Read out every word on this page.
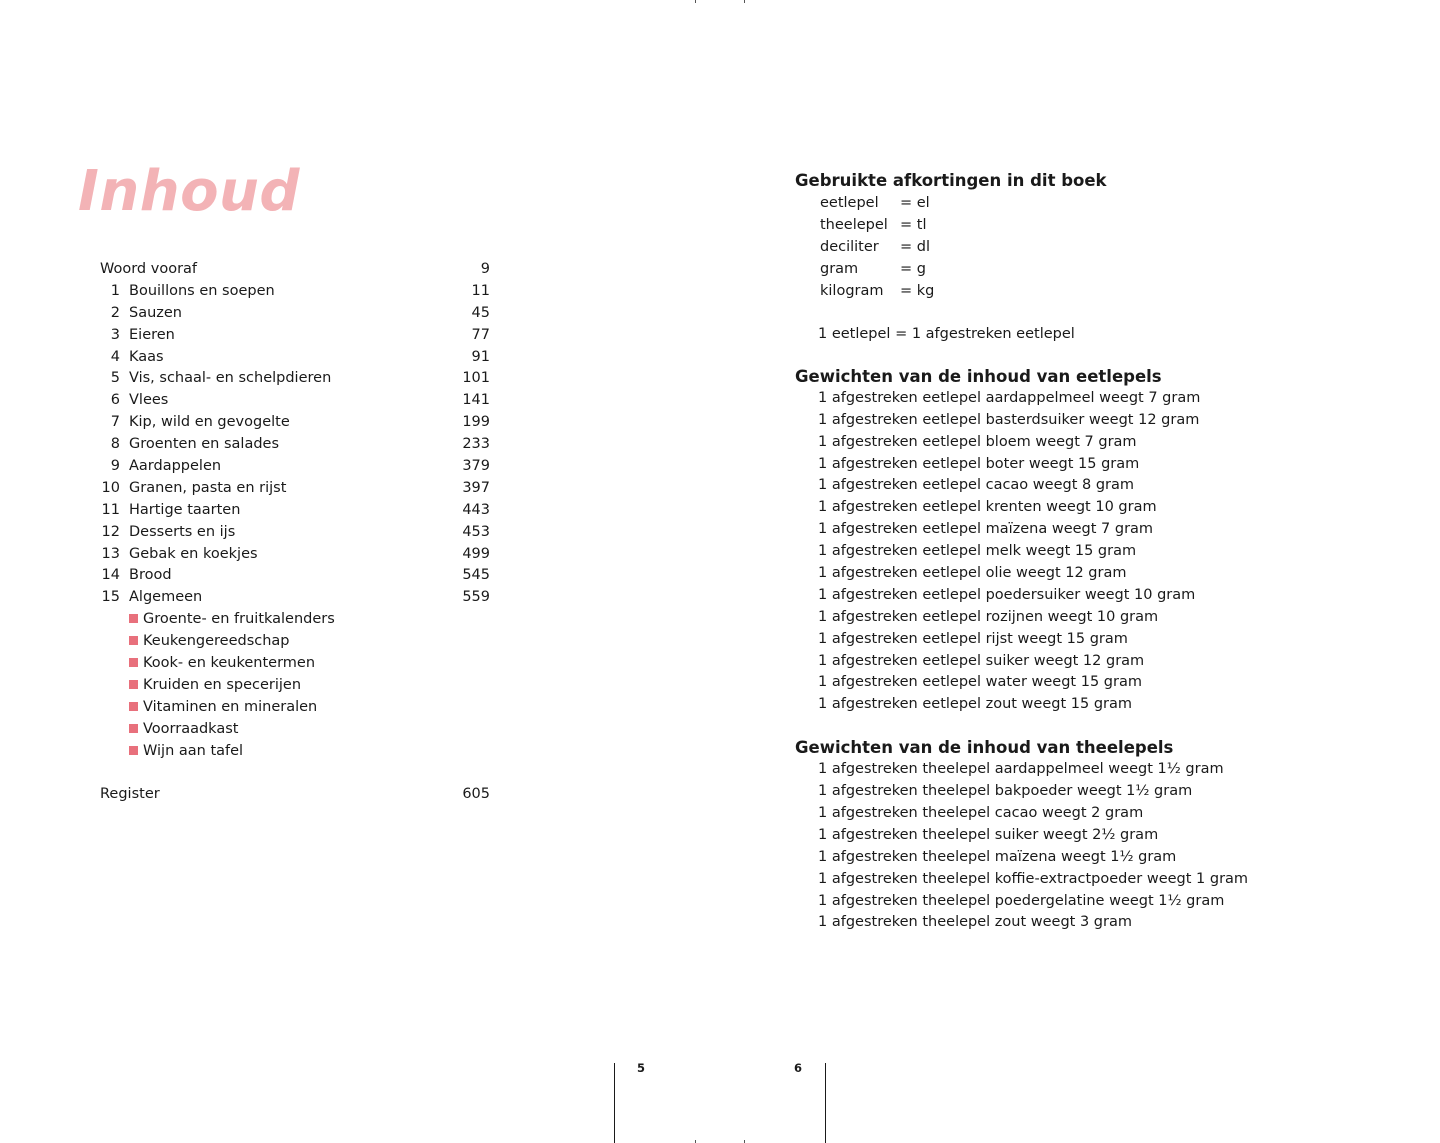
Inhoud
Woord vooraf	9
1 Bouillons en soepen	11
2 Sauzen	45
3 Eieren	77
4 Kaas	91
5 Vis, schaal- en schelpdieren	101
6 Vlees	141
7 Kip, wild en gevogelte	199
8 Groenten en salades	233
9 Aardappelen	379
10 Granen, pasta en rijst	397
11 Hartige taarten	443
12 Desserts en ijs	453
13 Gebak en koekjes	499
14 Brood	545
15 Algemeen	559
Groente- en fruitkalenders
Keukengereedschap
Kook- en keukentermen
Kruiden en specerijen
Vitaminen en mineralen
Voorraadkast
Wijn aan tafel
Register	605
Gebruikte afkortingen in dit boek
eetlepel = el
theelepel = tl
deciliter = dl
gram	= g
kilogram = kg
1 eetlepel = 1 afgestreken eetlepel
Gewichten van de inhoud van eetlepels
1 afgestreken eetlepel aardappelmeel weegt 7 gram
1 afgestreken eetlepel basterdsuiker weegt 12 gram
1 afgestreken eetlepel bloem weegt 7 gram
1 afgestreken eetlepel boter weegt 15 gram
1 afgestreken eetlepel cacao weegt 8 gram
1 afgestreken eetlepel krenten weegt 10 gram
1 afgestreken eetlepel maïzena weegt 7 gram
1 afgestreken eetlepel melk weegt 15 gram
1 afgestreken eetlepel olie weegt 12 gram
1 afgestreken eetlepel poedersuiker weegt 10 gram
1 afgestreken eetlepel rozijnen weegt 10 gram
1 afgestreken eetlepel rijst weegt 15 gram
1 afgestreken eetlepel suiker weegt 12 gram
1 afgestreken eetlepel water weegt 15 gram
1 afgestreken eetlepel zout weegt 15 gram
Gewichten van de inhoud van theelepels
1 afgestreken theelepel aardappelmeel weegt 1½ gram
1 afgestreken theelepel bakpoeder weegt 1½ gram
1 afgestreken theelepel cacao weegt 2 gram
1 afgestreken theelepel suiker weegt 2½ gram
1 afgestreken theelepel maïzena weegt 1½ gram
1 afgestreken theelepel koffie-extractpoeder weegt 1 gram
1 afgestreken theelepel poedergelatine weegt 1½ gram
1 afgestreken theelepel zout weegt 3 gram
5	6
